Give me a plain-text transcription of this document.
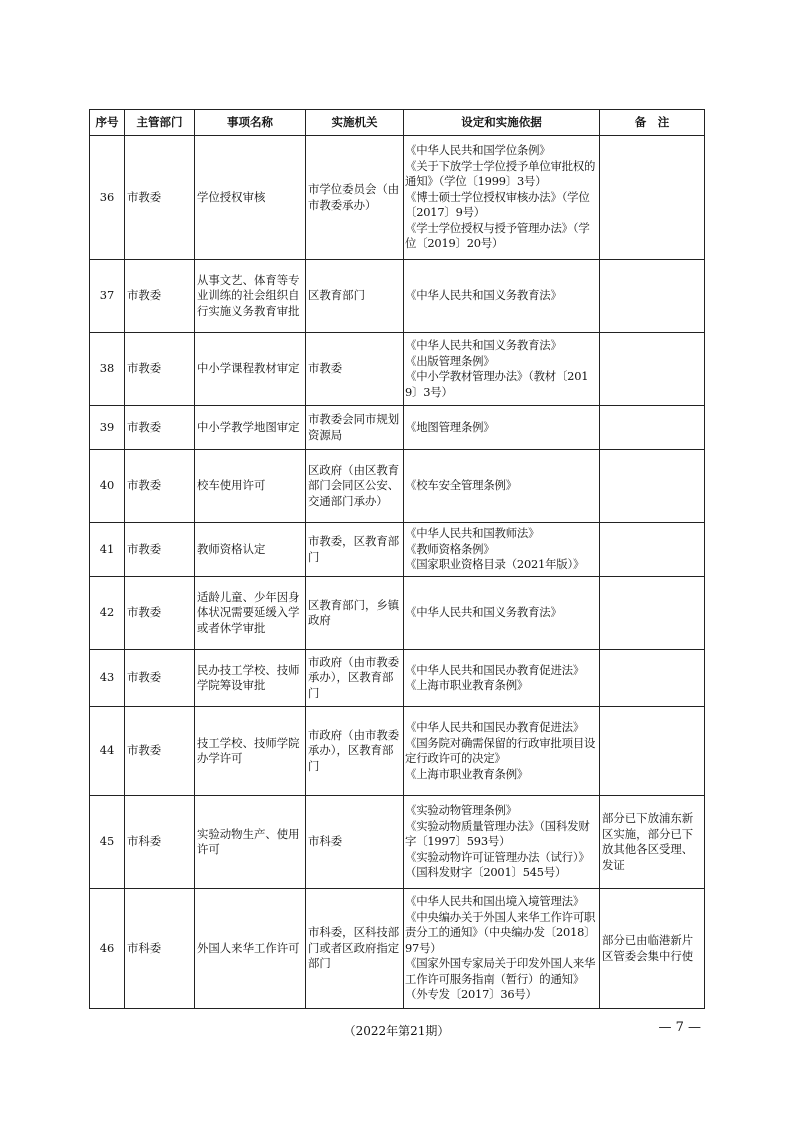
序号	主管部门	事项名称	实施机关	设定和实施依据	备　注
36	市教委	学位授权审核	市学位委员会（由市教委承办）	《中华人民共和国学位条例》
《关于下放学士学位授予单位审批权的通知》（学位〔1999〕3号）
《博士硕士学位授权审核办法》（学位〔2017〕9号）
《学士学位授权与授予管理办法》（学位〔2019〕20号）	

37	市教委	从事文艺、体育等专业训练的社会组织自行实施义务教育审批	区教育部门	《中华人民共和国义务教育法》	

38	市教委	中小学课程教材审定	市教委	《中华人民共和国义务教育法》
《出版管理条例》
《中小学教材管理办法》（教材〔2019〕3号）	

39	市教委	中小学教学地图审定	市教委会同市规划资源局	《地图管理条例》	

40	市教委	校车使用许可	区政府（由区教育部门会同区公安、交通部门承办）	《校车安全管理条例》	

41	市教委	教师资格认定	市教委，区教育部门	《中华人民共和国教师法》
《教师资格条例》
《国家职业资格目录（2021年版）》	

42	市教委	适龄儿童、少年因身体状况需要延缓入学或者休学审批	区教育部门，乡镇政府	《中华人民共和国义务教育法》	

43	市教委	民办技工学校、技师学院筹设审批	市政府（由市教委承办），区教育部门	《中华人民共和国民办教育促进法》
《上海市职业教育条例》	

44	市教委	技工学校、技师学院办学许可	市政府（由市教委承办），区教育部门	《中华人民共和国民办教育促进法》
《国务院对确需保留的行政审批项目设定行政许可的决定》
《上海市职业教育条例》	

45	市科委	实验动物生产、使用许可	市科委	《实验动物管理条例》
《实验动物质量管理办法》（国科发财字〔1997〕593号）
《实验动物许可证管理办法（试行）》（国科发财字〔2001〕545号）	部分已下放浦东新区实施，部分已下放其他各区受理、发证
46	市科委	外国人来华工作许可	市科委，区科技部门或者区政府指定部门	《中华人民共和国出境入境管理法》
《中央编办关于外国人来华工作许可职责分工的通知》（中央编办发〔2018〕97号）
《国家外国专家局关于印发外国人来华工作许可服务指南（暂行）的通知》（外专发〔2017〕36号）	部分已由临港新片区管委会集中行使
（2022年第21期）	— 7 —
